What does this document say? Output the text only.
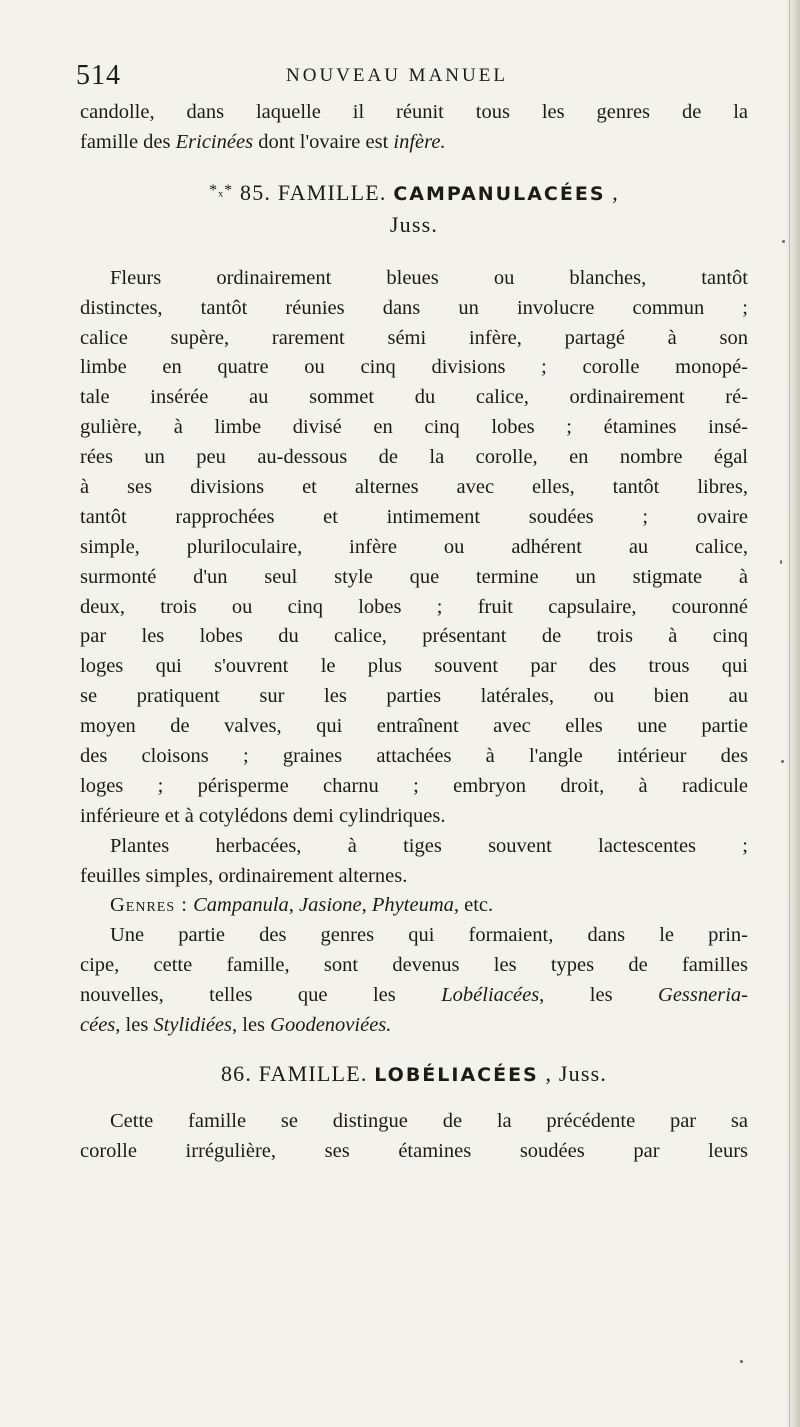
514	NOUVEAU MANUEL
candolle, dans laquelle il réunit tous les genres de la
famille des Ericinées dont l'ovaire est infère.
$^{*_x*}$ 85. FAMILLE. CAMPANULACÉES ,
Juss.
Fleurs ordinairement bleues ou blanches, tantôt
distinctes, tantôt réunies dans un involucre commun ;
calice supère, rarement sémi infère, partagé à son
limbe en quatre ou cinq divisions ; corolle monopé-
tale insérée au sommet du calice, ordinairement ré-
gulière, à limbe divisé en cinq lobes ; étamines insé-
rées un peu au-dessous de la corolle, en nombre égal
à ses divisions et alternes avec elles, tantôt libres,
tantôt rapprochées et intimement soudées ; ovaire
simple, pluriloculaire, infère ou adhérent au calice,
surmonté d'un seul style que termine un stigmate à
deux, trois ou cinq lobes ; fruit capsulaire, couronné
par les lobes du calice, présentant de trois à cinq
loges qui s'ouvrent le plus souvent par des trous qui
se pratiquent sur les parties latérales, ou bien au
moyen de valves, qui entraînent avec elles une partie
des cloisons ; graines attachées à l'angle intérieur des
loges ; périsperme charnu ; embryon droit, à radicule
inférieure et à cotylédons demi cylindriques.
Plantes herbacées, à tiges souvent lactescentes ;
feuilles simples, ordinairement alternes.
Genres : Campanula, Jasione, Phyteuma, etc.
Une partie des genres qui formaient, dans le prin-
cipe, cette famille, sont devenus les types de familles
nouvelles, telles que les Lobéliacées, les Gessneria-
cées, les Stylidiées, les Goodenoviées.
86. FAMILLE. LOBÉLIACÉES , Juss.
Cette famille se distingue de la précédente par sa
corolle irrégulière, ses étamines soudées par leurs
